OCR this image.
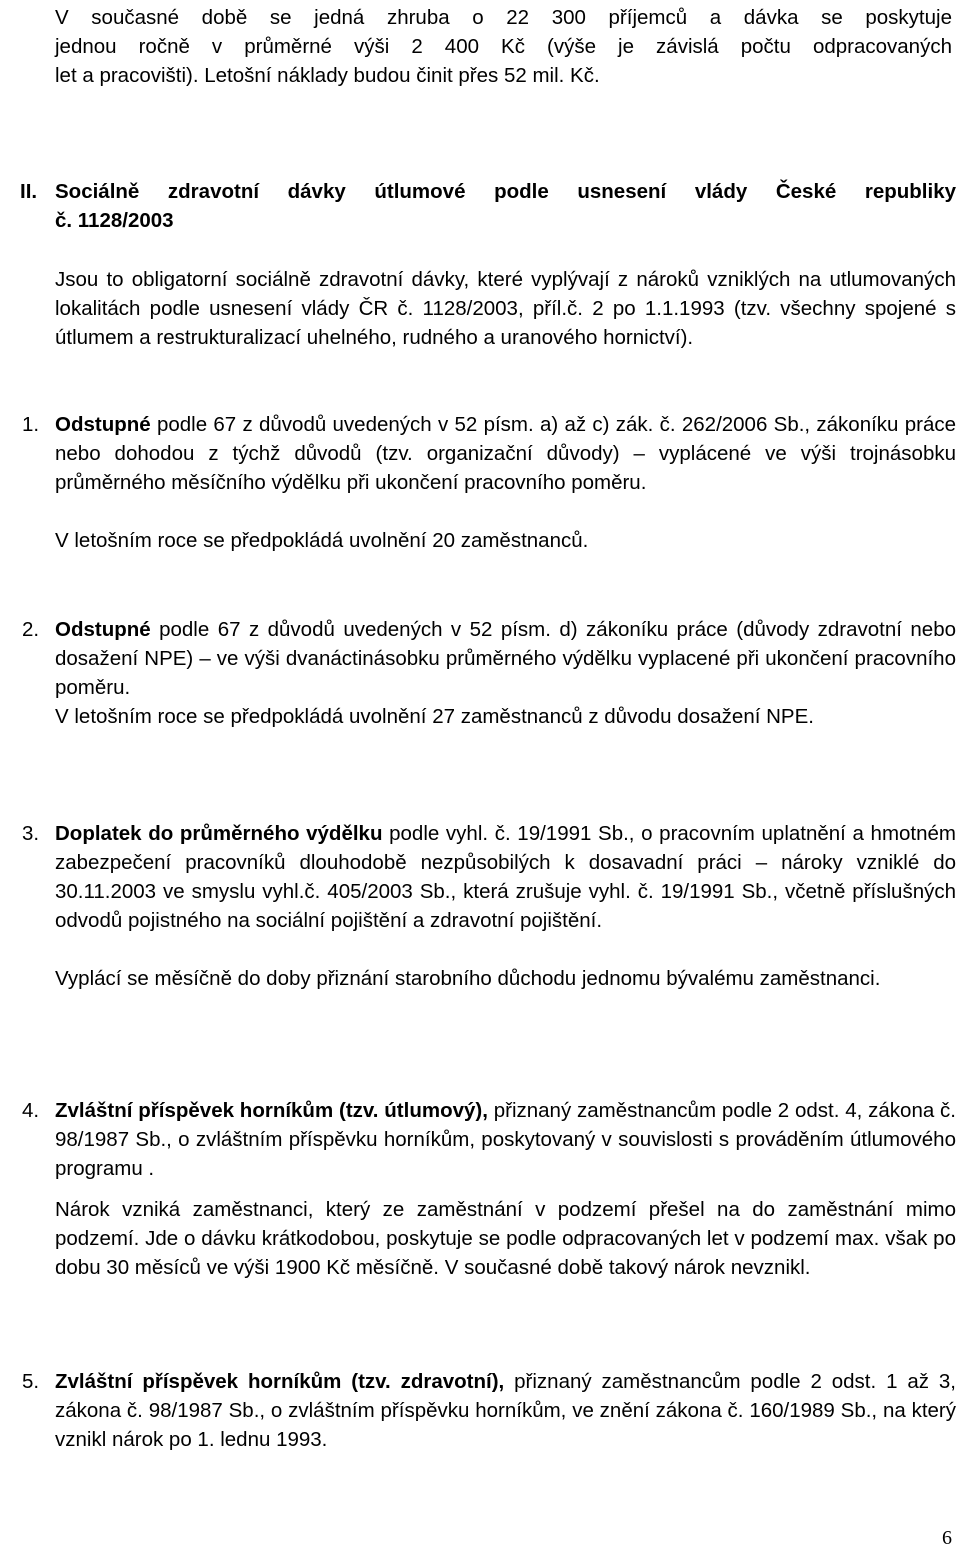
V současné době se jedná zhruba o 22 300 příjemců a dávka se poskytuje

jednou ročně v průměrné výši 2 400 Kč (výše je závislá počtu odpracovaných

let a pracovišti). Letošní náklady budou činit přes 52 mil. Kč.

II. Sociálně zdravotní dávky útlumové podle usnesení vlády České republiky

č. 1128/2003

Jsou to obligatorní sociálně zdravotní dávky, které vyplývají z nároků vzniklých na utlumovaných lokalitách podle usnesení vlády ČR č. 1128/2003, příl.č. 2 po 1.1.1993 (tzv. všechny spojené s útlumem a restrukturalizací uhelného, rudného a uranového hornictví).
1. Odstupné podle 67 z důvodů uvedených v 52 písm. a) až c) zák. č. 262/2006 Sb., zákoníku práce nebo dohodou z týchž důvodů (tzv. organizační důvody) – vyplácené ve výši trojnásobku průměrného měsíčního výdělku při ukončení pracovního poměru.
V letošním roce se předpokládá uvolnění 20 zaměstnanců.
2. Odstupné podle 67 z důvodů uvedených v 52 písm. d) zákoníku práce (důvody zdravotní nebo dosažení NPE) – ve výši dvanáctinásobku průměrného výdělku vyplacené při ukončení pracovního poměru.
V letošním roce se předpokládá uvolnění 27 zaměstnanců z důvodu dosažení NPE.
3. Doplatek do průměrného výdělku podle vyhl. č. 19/1991 Sb., o pracovním uplatnění a hmotném zabezpečení pracovníků dlouhodobě nezpůsobilých k dosavadní práci – nároky vzniklé do 30.11.2003 ve smyslu vyhl.č. 405/2003 Sb., která zrušuje vyhl. č. 19/1991 Sb., včetně příslušných odvodů pojistného na sociální pojištění a zdravotní pojištění.
Vyplácí se měsíčně do doby přiznání starobního důchodu jednomu bývalému zaměstnanci.
4. Zvláštní příspěvek horníkům (tzv. útlumový), přiznaný zaměstnancům podle 2 odst. 4, zákona č. 98/1987 Sb., o zvláštním příspěvku horníkům, poskytovaný v souvislosti s prováděním útlumového programu .
Nárok vzniká zaměstnanci, který ze zaměstnání v podzemí přešel na do zaměstnání mimo podzemí. Jde o dávku krátkodobou, poskytuje se podle odpracovaných let v podzemí max. však po dobu 30 měsíců ve výši 1900 Kč měsíčně. V současné době takový nárok nevznikl.
5. Zvláštní příspěvek horníkům (tzv. zdravotní), přiznaný zaměstnancům podle 2 odst. 1 až 3, zákona č. 98/1987 Sb., o zvláštním příspěvku horníkům, ve znění zákona č. 160/1989 Sb., na který vznikl nárok po 1. lednu 1993.
6
